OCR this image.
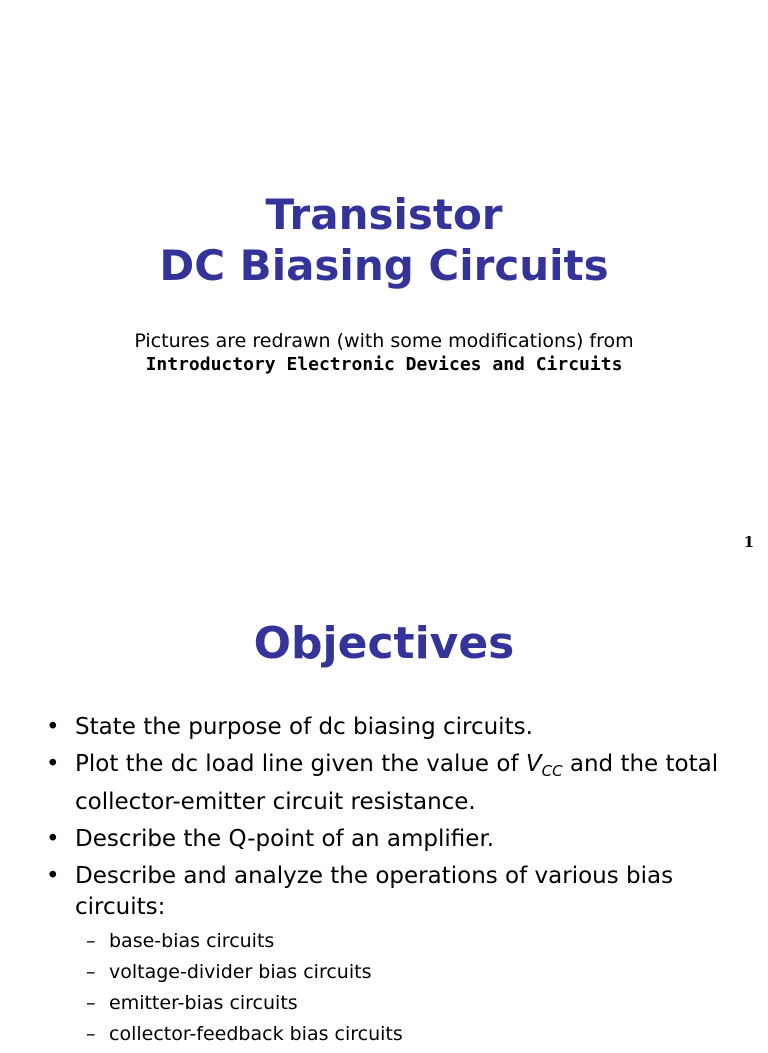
Transistor
DC Biasing Circuits
Pictures are redrawn (with some modifications) from
Introductory Electronic Devices and Circuits
1
Objectives
• State the purpose of dc biasing circuits.
• Plot the dc load line given the value of $V_{CC}$ and the total collector-emitter circuit resistance.
• Describe the Q-point of an amplifier.
• Describe and analyze the operations of various bias circuits:
– base-bias circuits
– voltage-divider bias circuits
– emitter-bias circuits
– collector-feedback bias circuits
